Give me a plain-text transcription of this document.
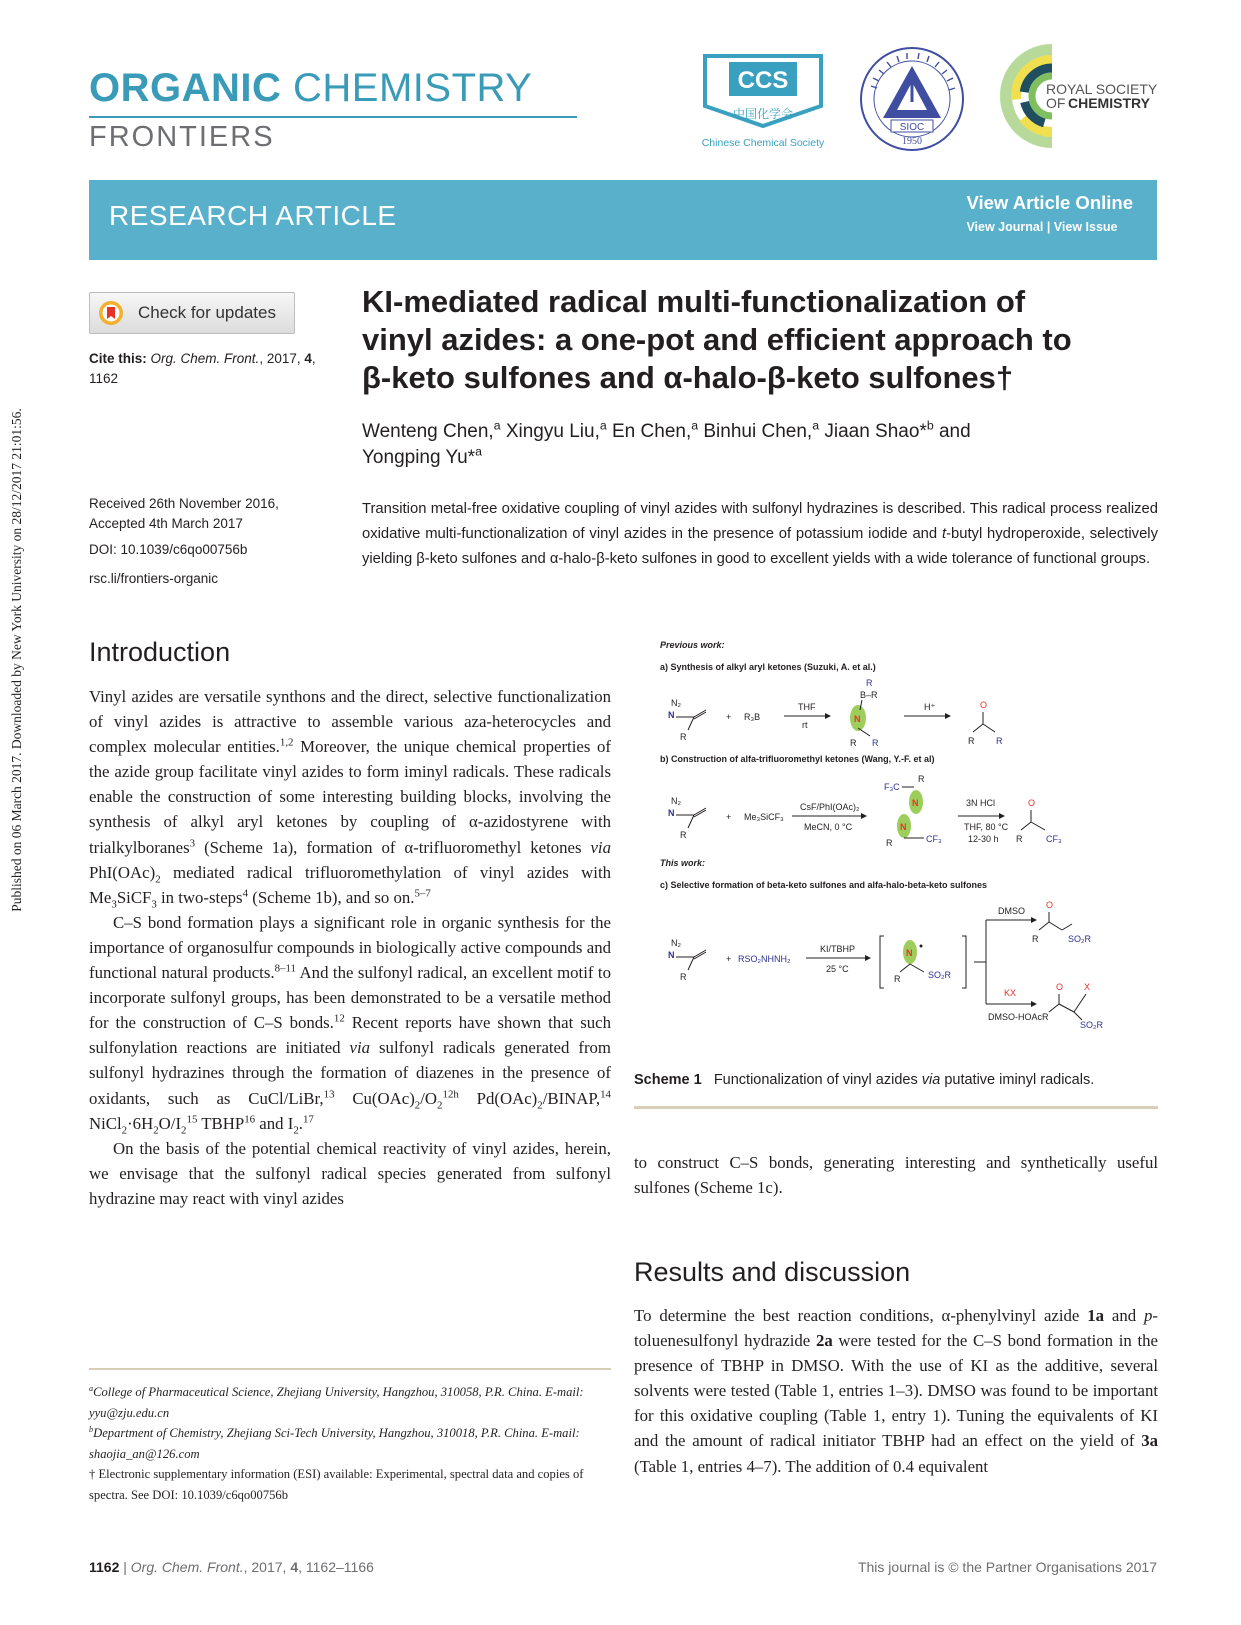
Published on 06 March 2017. Downloaded by New York University on 28/12/2017 21:01:56.
ORGANIC CHEMISTRY
FRONTIERS
CCS
中国化学会
Chinese Chemical Society
SIOC
1950
ROYAL SOCIETY
OF CHEMISTRY
RESEARCH ARTICLE	View Article Online
View Journal | View Issue
Check for updates
Cite this: Org. Chem. Front., 2017, 4,
1162
Received 26th November 2016,
Accepted 4th March 2017
DOI: 10.1039/c6qo00756b
rsc.li/frontiers-organic
KI-mediated radical multi-functionalization of
vinyl azides: a one-pot and efficient approach to
β-keto sulfones and α-halo-β-keto sulfones†
Wenteng Chen,$^a$ Xingyu Liu,$^a$ En Chen,$^a$ Binhui Chen,$^a$ Jiaan Shao*$^b$ and
Yongping Yu*$^a$
Transition metal-free oxidative coupling of vinyl azides with sulfonyl hydrazines is described. This radical process realized oxidative multi-functionalization of vinyl azides in the presence of potassium iodide and t-butyl hydroperoxide, selectively yielding β-keto sulfones and α-halo-β-keto sulfones in good to excellent yields with a wide tolerance of functional groups.
Introduction

Vinyl azides are versatile synthons and the direct, selective functionalization of vinyl azides is attractive to assemble various aza-heterocycles and complex molecular entities.$^{1,2}$ Moreover, the unique chemical properties of the azide group facilitate vinyl azides to form iminyl radicals. These radicals enable the construction of some interesting building blocks, involving the synthesis of alkyl aryl ketones by coupling of α-azidostyrene with trialkylboranes$^3$ (Scheme 1a), formation of α-trifluoromethyl ketones via $PhI(OAc)_2$ mediated radical trifluoromethylation of vinyl azides with $Me_3SiCF_3$ in two-steps$^4$ (Scheme 1b), and so on.$^{5-7}$

C–S bond formation plays a significant role in organic synthesis for the importance of organosulfur compounds in biologically active compounds and functional natural products.$^{8-11}$ And the sulfonyl radical, an excellent motif to incorporate sulfonyl groups, has been demonstrated to be a versatile method for the construction of C–S bonds.$^{12}$ Recent reports have shown that such sulfonylation reactions are initiated via sulfonyl radicals generated from sulfonyl hydrazines through the formation of diazenes in the presence of oxidants, such as CuCl/LiBr,$^{13}$ $Cu(OAc)_2/O_2^{12h}$ $Pd(OAc)_2/BINAP,^{14}$ $NiCl_2\cdot 6H_2O/I_2^{15}$ TBHP$^{16}$ and $I_2.^{17}$

On the basis of the potential chemical reactivity of vinyl azides, herein, we envisage that the sulfonyl radical species generated from sulfonyl hydrazine may react with vinyl azides

$^a$College of Pharmaceutical Science, Zhejiang University, Hangzhou, 310058, P.R. China. E-mail: yyu@zju.edu.cn
$^b$Department of Chemistry, Zhejiang Sci-Tech University, Hangzhou, 310018, P.R. China. E-mail: shaojia_an@126.com
† Electronic supplementary information (ESI) available: Experimental, spectral data and copies of spectra. See DOI: 10.1039/c6qo00756b
Previous work:
a) Synthesis of alkyl aryl ketones (Suzuki, A. et al.)
N₂
N
R
+ R₃B
THF
rt
R
B–R
N
R R
H⁺	O
R R
b) Construction of alfa-trifluoromethyl ketones (Wang, Y.-F. et al)
N₂
N
R
+ Me₃SiCF₃
CsF/PhI(OAc)₂
MeCN, 0 °C
F₃C
R
N
N
CF₃
R
3N HCl
THF, 80 °C
12-30 h
O
R	CF₃
This work:
c) Selective formation of beta-keto sulfones and alfa-halo-beta-keto sulfones
N₂
N
R
+ RSO₂NHNH₂
KI/TBHP
25 °C
N
R	SO₂R
DMSO
KX
DMSO-HOAc
O
R	SO₂R
O X
R
SO₂R
Scheme 1 Functionalization of vinyl azides via putative iminyl radicals.
to construct C–S bonds, generating interesting and synthetically useful sulfones (Scheme 1c).
Results and discussion
To determine the best reaction conditions, α-phenylvinyl azide 1a and p-toluenesulfonyl hydrazide 2a were tested for the C–S bond formation in the presence of TBHP in DMSO. With the use of KI as the additive, several solvents were tested (Table 1, entries 1–3). DMSO was found to be important for this oxidative coupling (Table 1, entry 1). Tuning the equivalents of KI and the amount of radical initiator TBHP had an effect on the yield of 3a (Table 1, entries 4–7). The addition of 0.4 equivalent
1162 | Org. Chem. Front., 2017, 4, 1162–1166	This journal is © the Partner Organisations 2017
